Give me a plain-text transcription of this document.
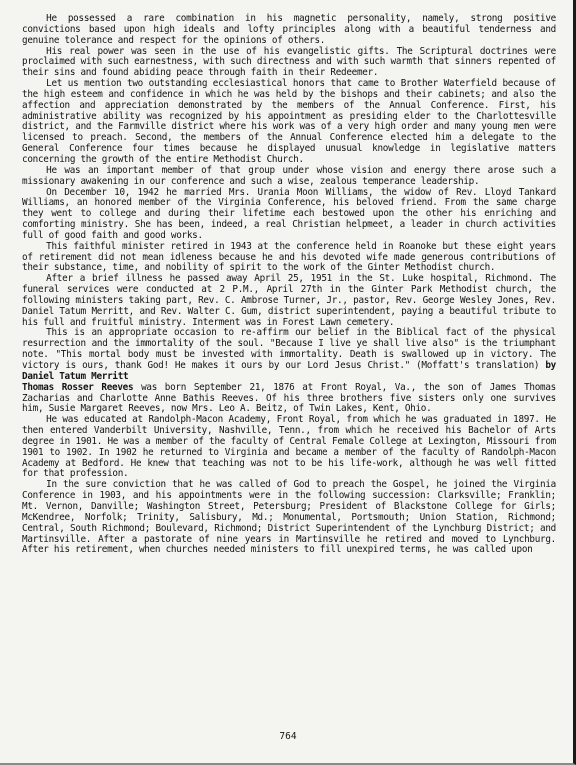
He possessed a rare combination in his magnetic personality, namely, strong positive convictions based upon high ideals and lofty principles along with a beautiful tenderness and genuine tolerance and respect for the opinions of others.

His real power was seen in the use of his evangelistic gifts. The Scriptural doctrines were proclaimed with such earnestness, with such directness and with such warmth that sinners repented of their sins and found abiding peace through faith in their Redeemer.

Let us mention two outstanding ecclesiastical honors that came to Brother Waterfield because of the high esteem and confidence in which he was held by the bishops and their cabinets; and also the affection and appreciation demonstrated by the members of the Annual Conference. First, his administrative ability was recognized by his appointment as presiding elder to the Charlottesville district, and the Farmville district where his work was of a very high order and many young men were licensed to preach. Second, the members of the Annual Conference elected him a delegate to the General Conference four times because he displayed unusual knowledge in legislative matters concerning the growth of the entire Methodist Church.

He was an important member of that group under whose vision and energy there arose such a missionary awakening in our conference and such a wise, zealous temperance leadership.

On December 10, 1942 he married Mrs. Urania Moon Williams, the widow of Rev. Lloyd Tankard Williams, an honored member of the Virginia Conference, his beloved friend. From the same charge they went to college and during their lifetime each bestowed upon the other his enriching and comforting ministry. She has been, indeed, a real Christian helpmeet, a leader in church activities full of good faith and good works.

This faithful minister retired in 1943 at the conference held in Roanoke but these eight years of retirement did not mean idleness because he and his devoted wife made generous contributions of their substance, time, and nobility of spirit to the work of the Ginter Methodist church.

After a brief illness he passed away April 25, 1951 in the St. Luke hospital, Richmond. The funeral services were conducted at 2 P.M., April 27th in the Ginter Park Methodist church, the following ministers taking part, Rev. C. Ambrose Turner, Jr., pastor, Rev. George Wesley Jones, Rev. Daniel Tatum Merritt, and Rev. Walter C. Gum, district superintendent, paying a beautiful tribute to his full and fruitful ministry. Interment was in Forest Lawn cemetery.

This is an appropriate occasion to re-affirm our belief in the Biblical fact of the physical resurrection and the immortality of the soul. "Because I live ye shall live also" is the triumphant note. "This mortal body must be invested with immortality. Death is swallowed up in victory. The victory is ours, thank God! He makes it ours by our Lord Jesus Christ." (Moffatt's translation) by Daniel Tatum Merritt

Thomas Rosser Reeves was born September 21, 1876 at Front Royal, Va., the son of James Thomas Zacharias and Charlotte Anne Bathis Reeves. Of his three brothers five sisters only one survives him, Susie Margaret Reeves, now Mrs. Leo A. Beitz, of Twin Lakes, Kent, Ohio.

He was educated at Randolph-Macon Academy, Front Royal, from which he was graduated in 1897. He then entered Vanderbilt University, Nashville, Tenn., from which he received his Bachelor of Arts degree in 1901. He was a member of the faculty of Central Female College at Lexington, Missouri from 1901 to 1902. In 1902 he returned to Virginia and became a member of the faculty of Randolph-Macon Academy at Bedford. He knew that teaching was not to be his life-work, although he was well fitted for that profession.

In the sure conviction that he was called of God to preach the Gospel, he joined the Virginia Conference in 1903, and his appointments were in the following succession: Clarksville; Franklin; Mt. Vernon, Danville; Washington Street, Petersburg; President of Blackstone College for Girls; McKendree, Norfolk; Trinity, Salisbury, Md.; Monumental, Portsmouth; Union Station, Richmond; Central, South Richmond; Boulevard, Richmond; District Superintendent of the Lynchburg District; and Martinsville. After a pastorate of nine years in Martinsville he retired and moved to Lynchburg. After his retirement, when churches needed ministers to fill unexpired terms, he was called upon

764
